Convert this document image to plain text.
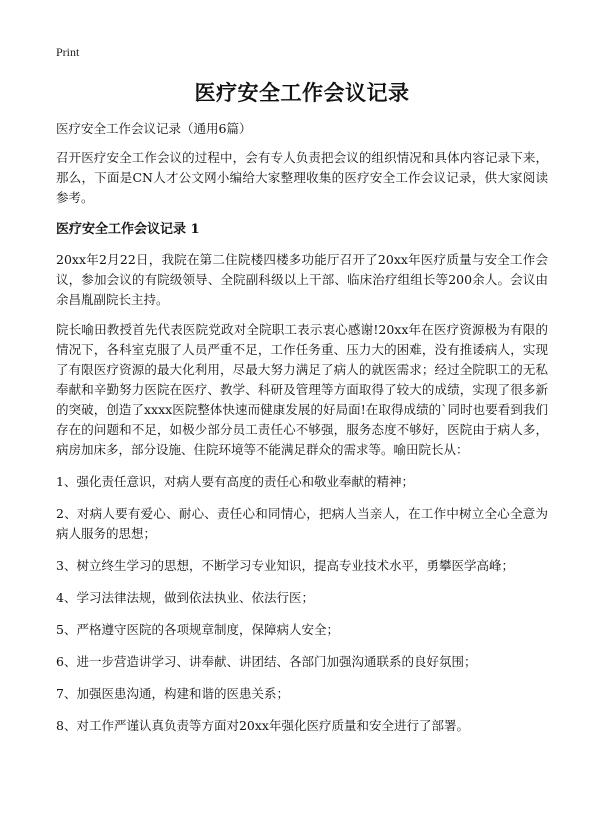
Print
医疗安全工作会议记录

医疗安全工作会议记录（通用6篇）

召开医疗安全工作会议的过程中，会有专人负责把会议的组织情况和具体内容记录下来，那么，下面是CN人才公文网小编给大家整理收集的医疗安全工作会议记录，供大家阅读参考。

医疗安全工作会议记录 1

20xx年2月22日，我院在第二住院楼四楼多功能厅召开了20xx年医疗质量与安全工作会议，参加会议的有院级领导、全院副科级以上干部、临床治疗组组长等200余人。会议由余昌胤副院长主持。

院长喻田教授首先代表医院党政对全院职工表示衷心感谢!20xx年在医疗资源极为有限的情况下，各科室克服了人员严重不足，工作任务重、压力大的困难，没有推诿病人，实现了有限医疗资源的最大化利用，尽最大努力满足了病人的就医需求；经过全院职工的无私奉献和辛勤努力医院在医疗、教学、科研及管理等方面取得了较大的成绩，实现了很多新的突破，创造了xxxx医院整体快速而健康发展的好局面!在取得成绩的`同时也要看到我们存在的问题和不足，如极少部分员工责任心不够强，服务态度不够好，医院由于病人多，病房加床多，部分设施、住院环境等不能满足群众的需求等。喻田院长从：

1、强化责任意识，对病人要有高度的责任心和敬业奉献的精神；
2、对病人要有爱心、耐心、责任心和同情心，把病人当亲人，在工作中树立全心全意为病人服务的思想；
3、树立终生学习的思想，不断学习专业知识，提高专业技术水平，勇攀医学高峰；
4、学习法律法规，做到依法执业、依法行医；
5、严格遵守医院的各项规章制度，保障病人安全；
6、进一步营造讲学习、讲奉献、讲团结、各部门加强沟通联系的良好氛围；
7、加强医患沟通，构建和谐的医患关系；
8、对工作严谨认真负责等方面对20xx年强化医疗质量和安全进行了部署。
